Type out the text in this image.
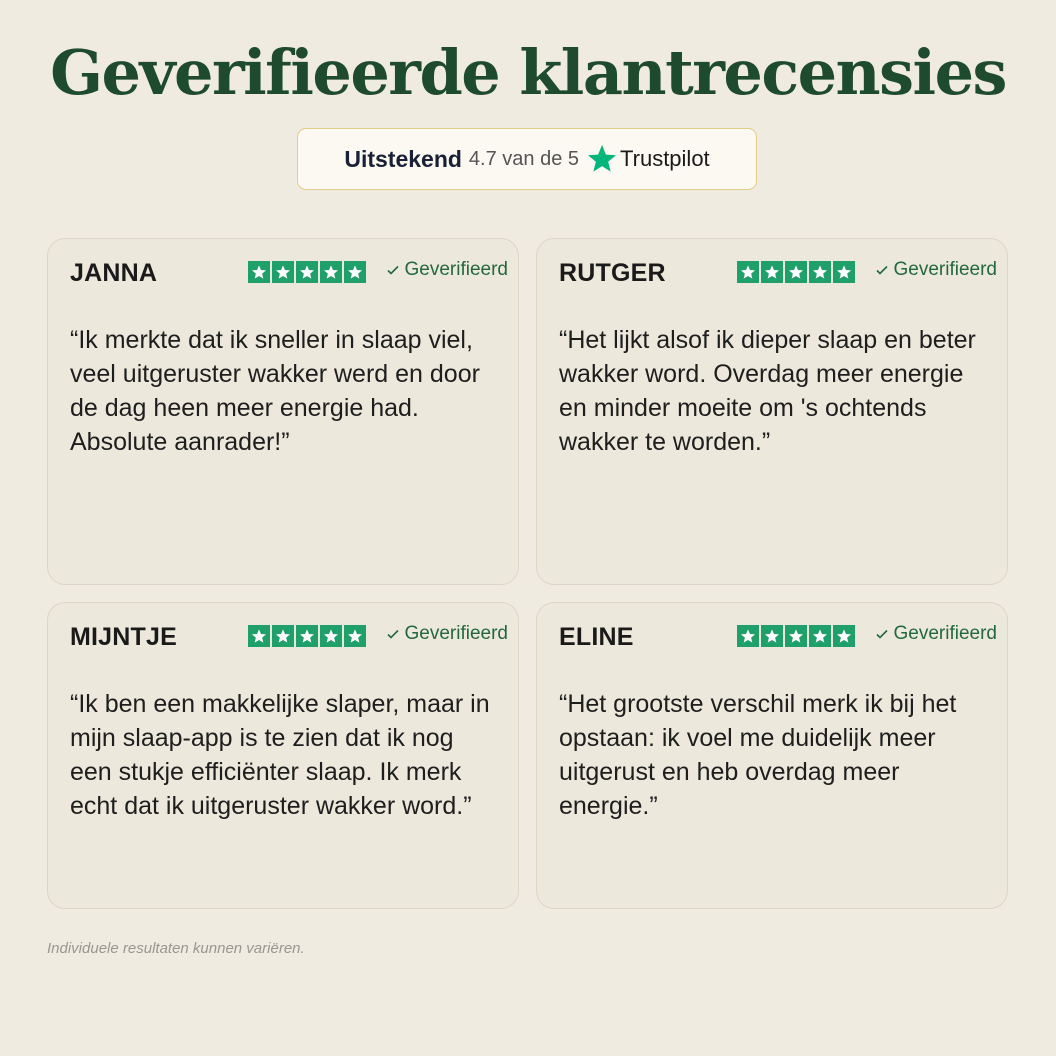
Geverifieerde klantrecensies
Uitstekend 4.7 van de 5 Trustpilot
JANNA	Geverifieerd

“Ik merkte dat ik sneller in slaap viel, veel uitgeruster wakker werd en door de dag heen meer energie had. Absolute aanrader!”

RUTGER	Geverifieerd

“Het lijkt alsof ik dieper slaap en beter wakker word. Overdag meer energie en minder moeite om 's ochtends wakker te worden.”

MIJNTJE	Geverifieerd

“Ik ben een makkelijke slaper, maar in mijn slaap-app is te zien dat ik nog een stukje efficiënter slaap. Ik merk echt dat ik uitgeruster wakker word.”

ELINE	Geverifieerd

“Het grootste verschil merk ik bij het opstaan: ik voel me duidelijk meer uitgerust en heb overdag meer energie.”

Individuele resultaten kunnen variëren.
